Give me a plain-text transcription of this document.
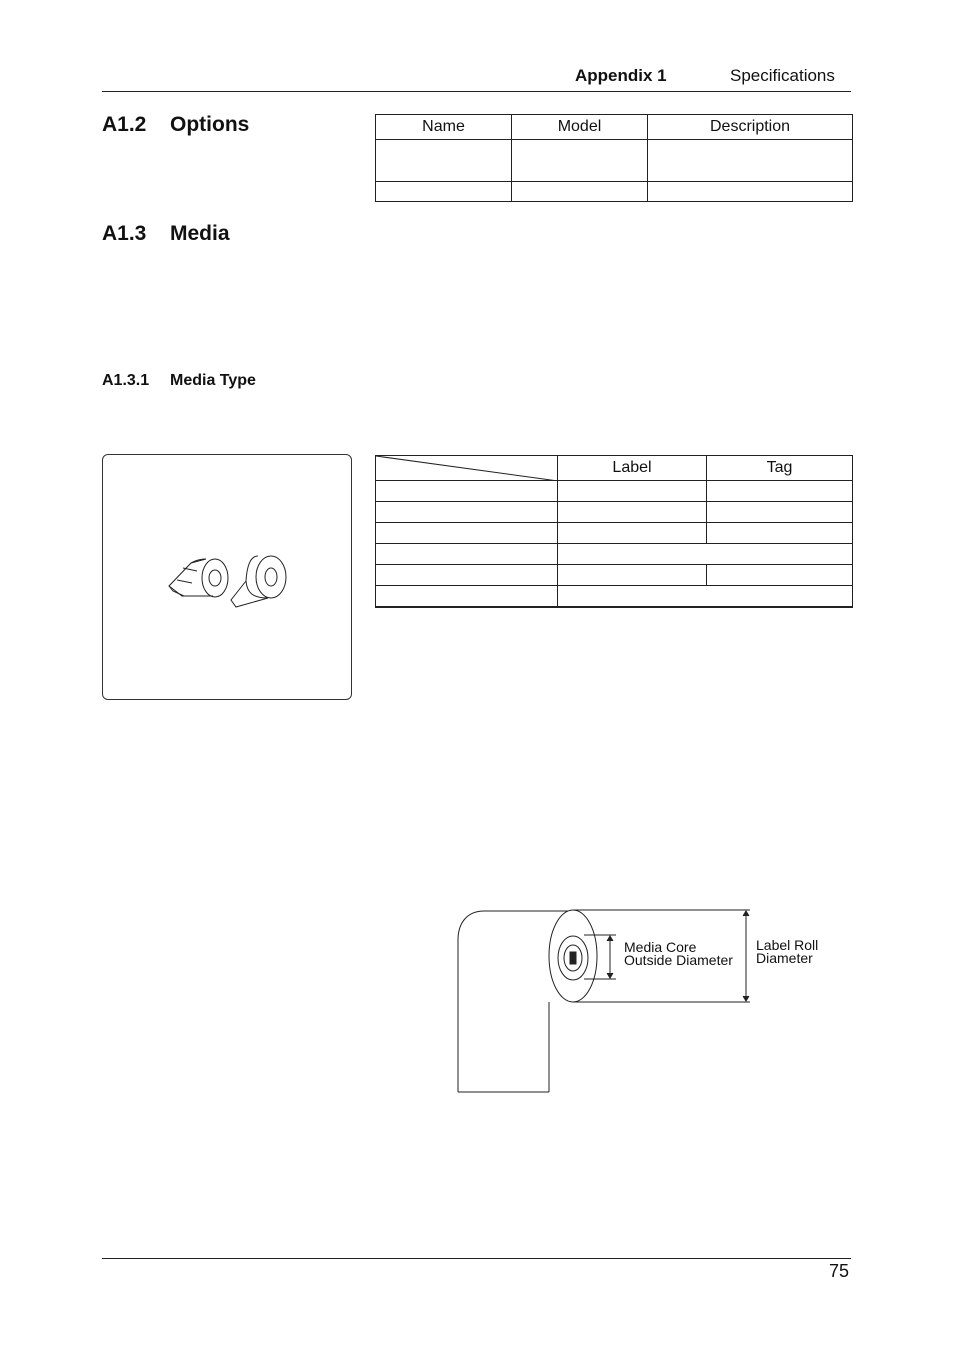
Appendix 1	Specifications
A1.2 Options	Name	Model	Description

A1.3 Media
A1.3.1 Media Type
	Label	Tag

Media Core
Outside Diameter
Label Roll
Diameter
75
